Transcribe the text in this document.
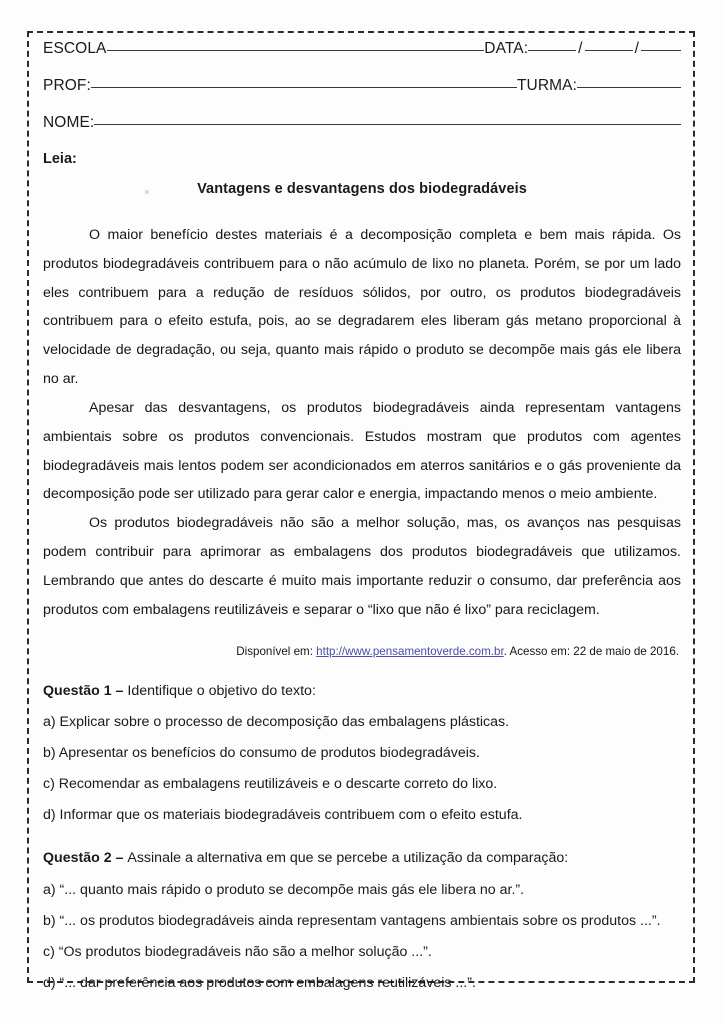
ESCOLA	DATA:	/	/
PROF:	TURMA:
NOME:
Leia:
Vantagens e desvantagens dos biodegradáveis

O maior benefício destes materiais é a decomposição completa e bem mais rápida. Os produtos biodegradáveis contribuem para o não acúmulo de lixo no planeta. Porém, se por um lado eles contribuem para a redução de resíduos sólidos, por outro, os produtos biodegradáveis contribuem para o efeito estufa, pois, ao se degradarem eles liberam gás metano proporcional à velocidade de degradação, ou seja, quanto mais rápido o produto se decompõe mais gás ele libera no ar.

Apesar das desvantagens, os produtos biodegradáveis ainda representam vantagens ambientais sobre os produtos convencionais. Estudos mostram que produtos com agentes biodegradáveis mais lentos podem ser acondicionados em aterros sanitários e o gás proveniente da decomposição pode ser utilizado para gerar calor e energia, impactando menos o meio ambiente.

Os produtos biodegradáveis não são a melhor solução, mas, os avanços nas pesquisas podem contribuir para aprimorar as embalagens dos produtos biodegradáveis que utilizamos. Lembrando que antes do descarte é muito mais importante reduzir o consumo, dar preferência aos produtos com embalagens reutilizáveis e separar o “lixo que não é lixo” para reciclagem.

Disponível em: http://www.pensamentoverde.com.br. Acesso em: 22 de maio de 2016.

Questão 1 – Identifique o objetivo do texto:

a) Explicar sobre o processo de decomposição das embalagens plásticas.

b) Apresentar os benefícios do consumo de produtos biodegradáveis.

c) Recomendar as embalagens reutilizáveis e o descarte correto do lixo.

d) Informar que os materiais biodegradáveis contribuem com o efeito estufa.

Questão 2 – Assinale a alternativa em que se percebe a utilização da comparação:

a) “... quanto mais rápido o produto se decompõe mais gás ele libera no ar.”.

b) “... os produtos biodegradáveis ainda representam vantagens ambientais sobre os produtos ...”.

c) “Os produtos biodegradáveis não são a melhor solução ...”.

d) “... dar preferência aos produtos com embalagens reutilizáveis ...”.
